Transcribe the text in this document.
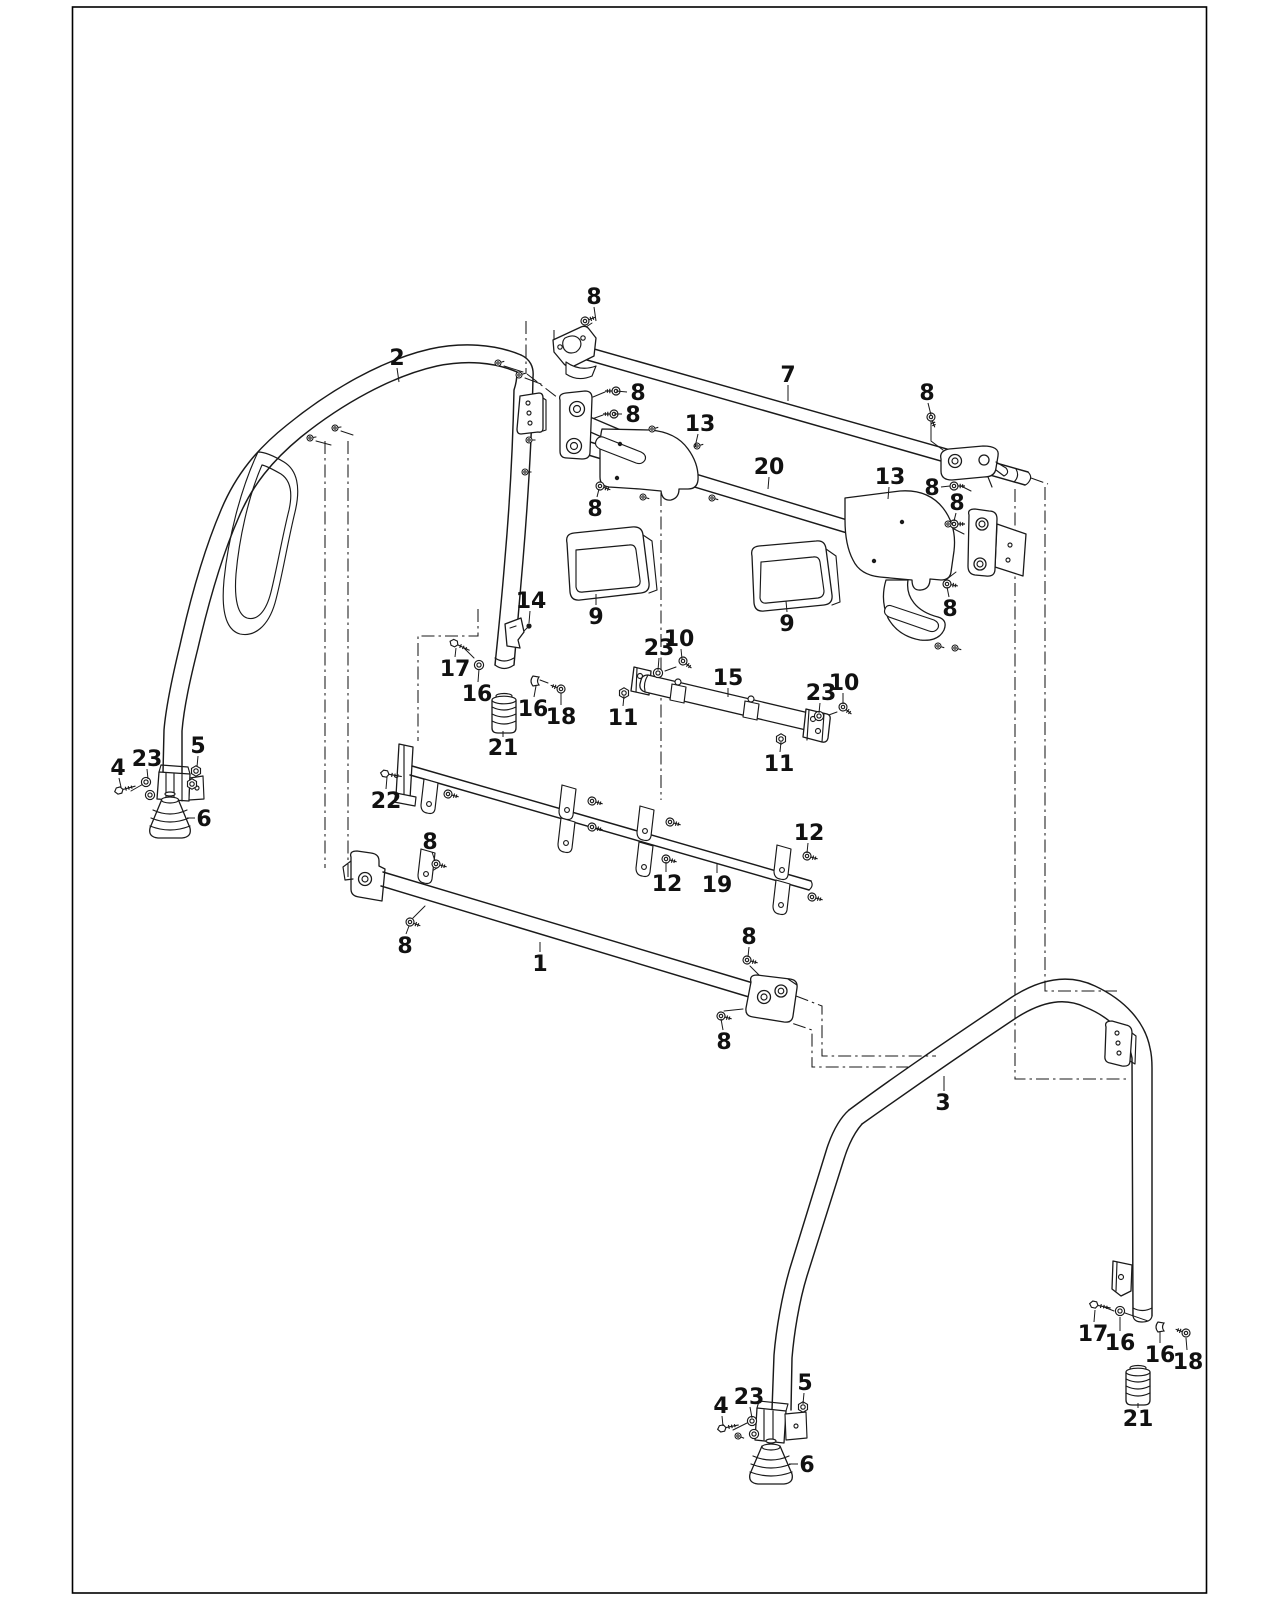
8
2
7
8
8
8 13
20	13 8
8
8
9	9
14	8
23
10
15
17
23
10
16
16	11
18
11
21
4 23
5
22
6
12
8
12 19
8	8
1
8
3
17
16 16
18
21
4 23
5
6
